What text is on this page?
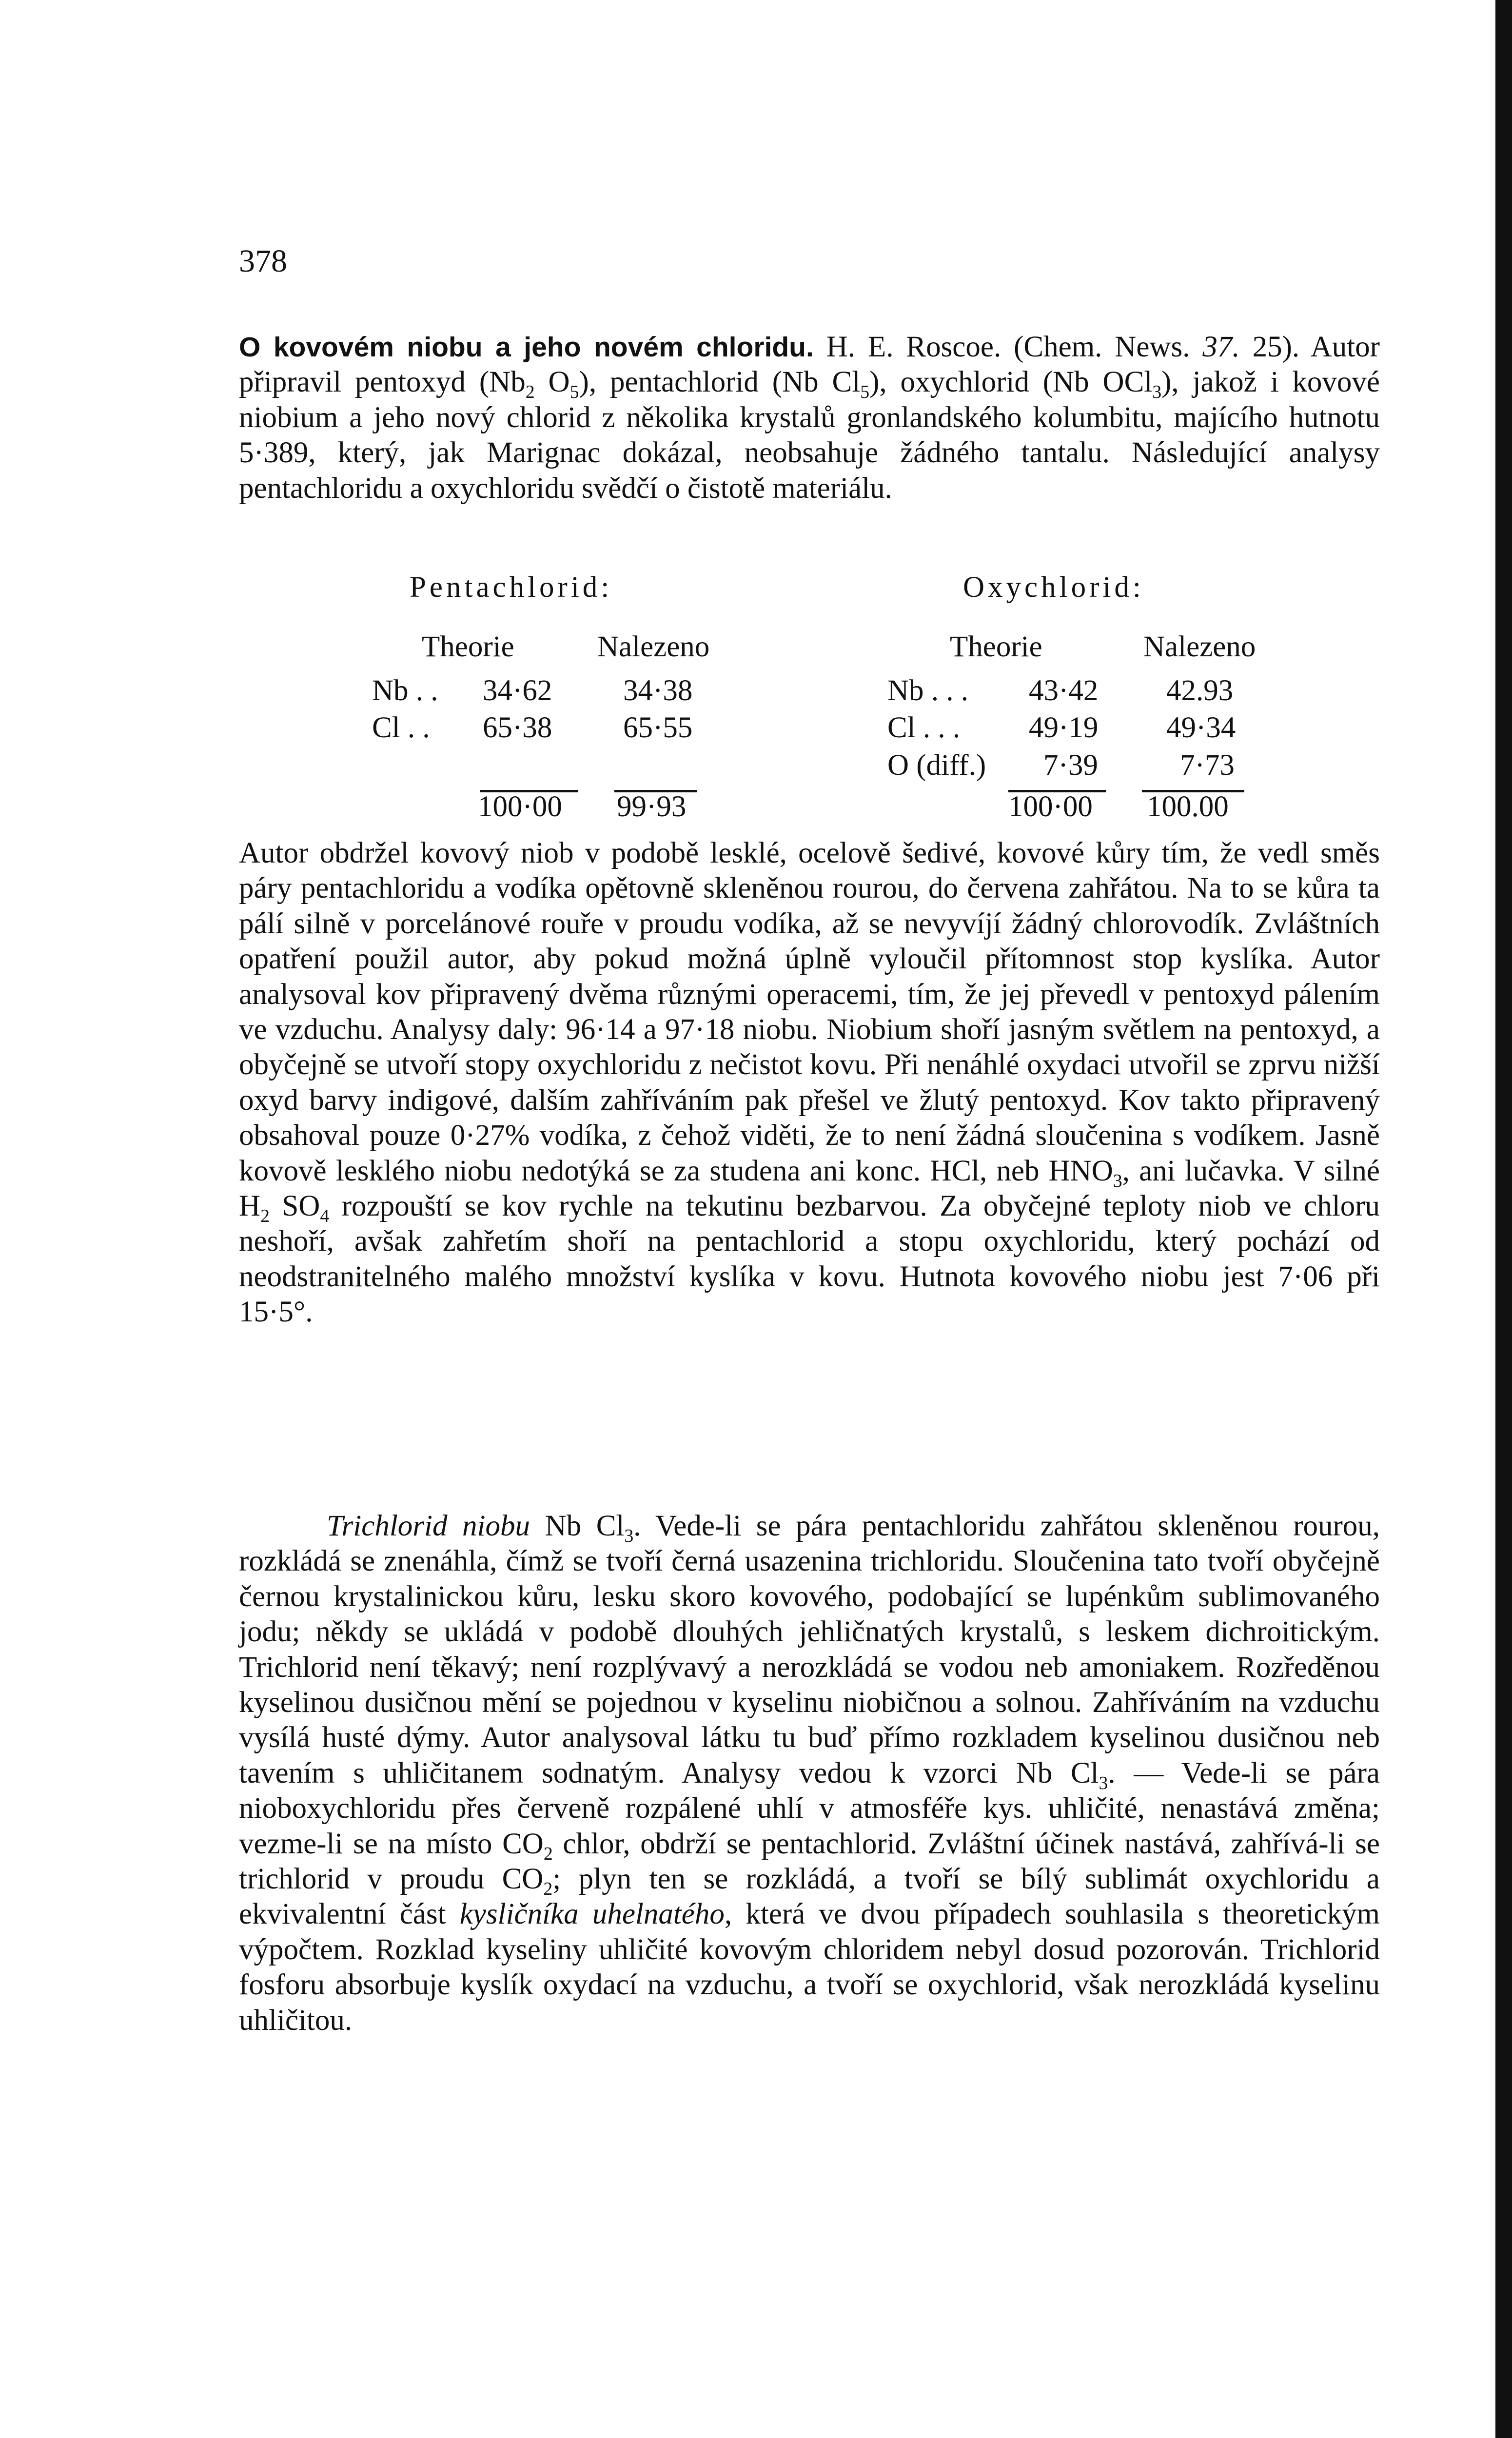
378

O kovovém niobu a jeho novém chloridu. H. E. Roscoe. (Chem. News. 37. 25). Autor připravil pentoxyd ($Nb_2$ $O_5$), pentachlorid (Nb $Cl_5$), oxychlorid (Nb OCl$_3$), jakož i kovové niobium a jeho nový chlorid z několika krystalů gronlandského kolumbitu, majícího hutnotu 5·389, který, jak Marignac dokázal, neobsahuje žádného tantalu. Následující analysy pentachloridu a oxychloridu svědčí o čistotě materiálu.

Pentachlorid:
Theorie	Nalezeno
Nb . . 34·62 34·38
Cl . . 65·38 65·55
100·00 99·93
Oxychlorid:
Theorie	Nalezeno
Nb . . . 43·42 42.93
Cl . . . 49·19 49·34
O (diff.) 7·39	7·73
100·00 100.00

Autor obdržel kovový niob v podobě lesklé, ocelově šedivé, kovové kůry tím, že vedl směs páry pentachloridu a vodíka opětovně skleněnou rourou, do červena zahřátou. Na to se kůra ta pálí silně v porcelánové rouře v proudu vodíka, až se nevyvíjí žádný chlorovodík. Zvláštních opatření použil autor, aby pokud možná úplně vyloučil přítomnost stop kyslíka. Autor analysoval kov připravený dvěma různými operacemi, tím, že jej převedl v pentoxyd pálením ve vzduchu. Analysy daly: 96·14 a 97·18 niobu. Niobium shoří jasným světlem na pentoxyd, a obyčejně se utvoří stopy oxychloridu z nečistot kovu. Při nenáhlé oxydaci utvořil se zprvu nižší oxyd barvy indigové, dalším zahříváním pak přešel ve žlutý pentoxyd. Kov takto připravený obsahoval pouze 0·27% vodíka, z čehož viděti, že to není žádná sloučenina s vodíkem. Jasně kovově lesklého niobu nedotýká se za studena ani konc. HCl, neb $HNO_3$, ani lučavka. V silné $H_2$ $SO_4$ rozpouští se kov rychle na tekutinu bezbarvou. Za obyčejné teploty niob ve chloru neshoří, avšak zahřetím shoří na pentachlorid a stopu oxychloridu, který pochází od neodstranitelného malého množství kyslíka v kovu. Hutnota kovového niobu jest 7·06 při 15·5°.

Trichlorid niobu Nb $Cl_3$. Vede-li se pára pentachloridu zahřátou skleněnou rourou, rozkládá se znenáhla, čímž se tvoří černá usazenina trichloridu. Sloučenina tato tvoří obyčejně černou krystalinickou kůru, lesku skoro kovového, podobající se lupénkům sublimovaného jodu; někdy se ukládá v podobě dlouhých jehličnatých krystalů, s leskem dichroitickým. Trichlorid není těkavý; není rozplývavý a nerozkládá se vodou neb amoniakem. Rozředěnou kyselinou dusičnou mění se pojednou v kyselinu niobičnou a solnou. Zahříváním na vzduchu vysílá husté dýmy. Autor analysoval látku tu buď přímo rozkladem kyselinou dusičnou neb tavením s uhličitanem sodnatým. Analysy vedou k vzorci Nb $Cl_3$. — Vede-li se pára nioboxychloridu přes červeně rozpálené uhlí v atmosféře kys. uhličité, nenastává změna; vezme-li se na místo $CO_2$ chlor, obdrží se pentachlorid. Zvláštní účinek nastává, zahřívá-li se trichlorid v proudu $CO_2$; plyn ten se rozkládá, a tvoří se bílý sublimát oxychloridu a ekvivalentní část kysličníka uhelnatého, která ve dvou případech souhlasila s theoretickým výpočtem. Rozklad kyseliny uhličité kovovým chloridem nebyl dosud pozorován. Trichlorid fosforu absorbuje kyslík oxydací na vzduchu, a tvoří se oxychlorid, však nerozkládá kyselinu uhličitou.
